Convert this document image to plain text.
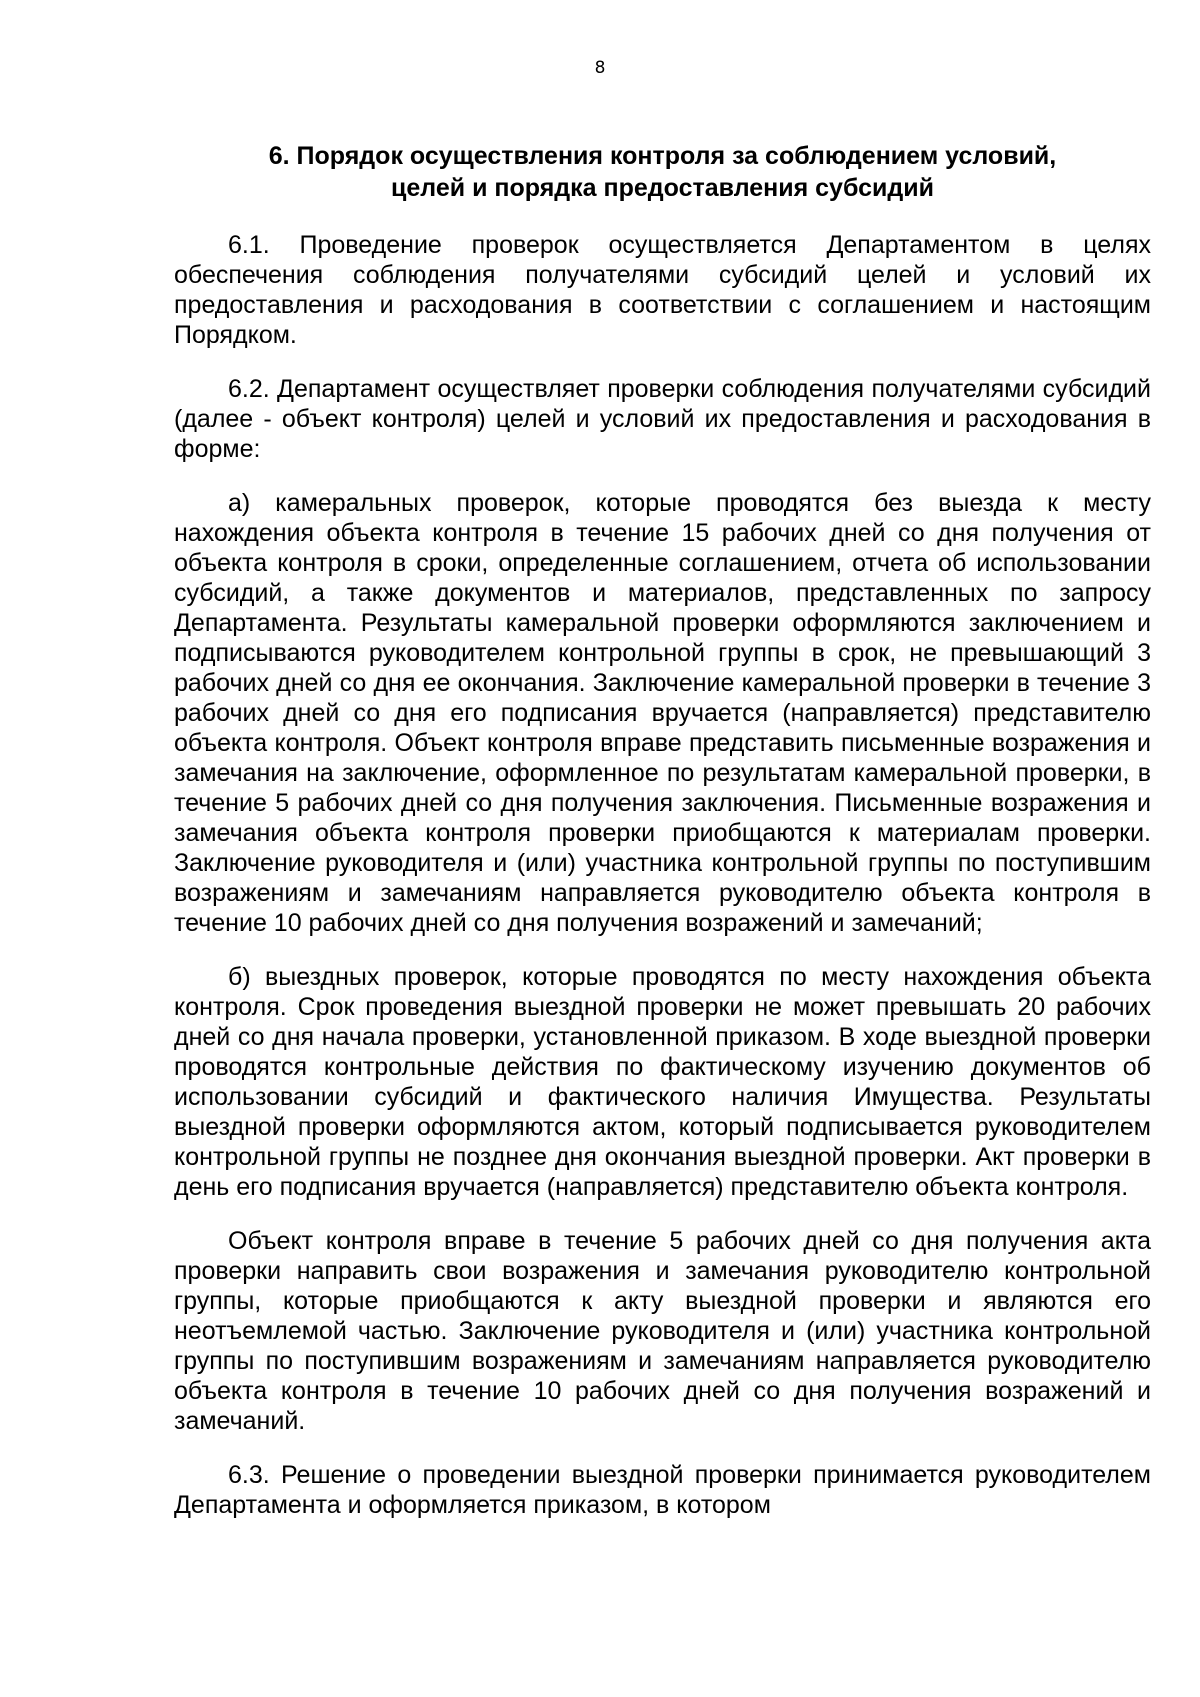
8
6. Порядок осуществления контроля за соблюдением условий,
целей и порядка предоставления субсидий

6.1. Проведение проверок осуществляется Департаментом в целях обеспечения соблюдения получателями субсидий целей и условий их предоставления и расходования в соответствии с соглашением и настоящим Порядком.

6.2. Департамент осуществляет проверки соблюдения получателями субсидий (далее - объект контроля) целей и условий их предоставления и расходования в форме:

а) камеральных проверок, которые проводятся без выезда к месту нахождения объекта контроля в течение 15 рабочих дней со дня получения от объекта контроля в сроки, определенные соглашением, отчета об использовании субсидий, а также документов и материалов, представленных по запросу Департамента. Результаты камеральной проверки оформляются заключением и подписываются руководителем контрольной группы в срок, не превышающий 3 рабочих дней со дня ее окончания. Заключение камеральной проверки в течение 3 рабочих дней со дня его подписания вручается (направляется) представителю объекта контроля. Объект контроля вправе представить письменные возражения и замечания на заключение, оформленное по результатам камеральной проверки, в течение 5 рабочих дней со дня получения заключения. Письменные возражения и замечания объекта контроля проверки приобщаются к материалам проверки. Заключение руководителя и (или) участника контрольной группы по поступившим возражениям и замечаниям направляется руководителю объекта контроля в течение 10 рабочих дней со дня получения возражений и замечаний;

б) выездных проверок, которые проводятся по месту нахождения объекта контроля. Срок проведения выездной проверки не может превышать 20 рабочих дней со дня начала проверки, установленной приказом. В ходе выездной проверки проводятся контрольные действия по фактическому изучению документов об использовании субсидий и фактического наличия Имущества. Результаты выездной проверки оформляются актом, который подписывается руководителем контрольной группы не позднее дня окончания выездной проверки. Акт проверки в день его подписания вручается (направляется) представителю объекта контроля.

Объект контроля вправе в течение 5 рабочих дней со дня получения акта проверки направить свои возражения и замечания руководителю контрольной группы, которые приобщаются к акту выездной проверки и являются его неотъемлемой частью. Заключение руководителя и (или) участника контрольной группы по поступившим возражениям и замечаниям направляется руководителю объекта контроля в течение 10 рабочих дней со дня получения возражений и замечаний.

6.3. Решение о проведении выездной проверки принимается руководителем Департамента и оформляется приказом, в котором
